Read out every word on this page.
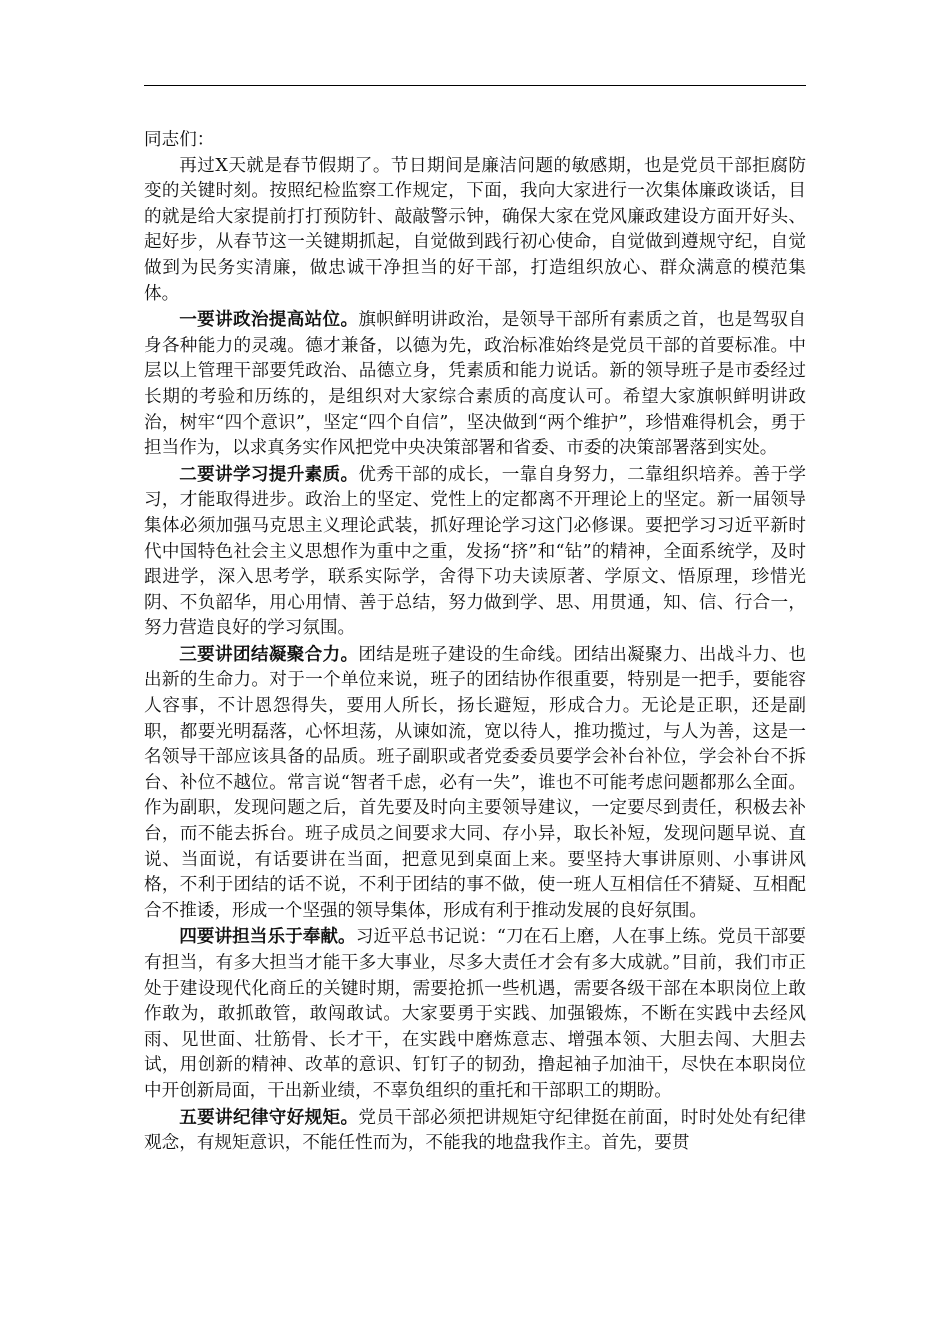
同志们：

再过X天就是春节假期了。节日期间是廉洁问题的敏感期，也是党员干部拒腐防变的关键时刻。按照纪检监察工作规定，下面，我向大家进行一次集体廉政谈话，目的就是给大家提前打打预防针、敲敲警示钟，确保大家在党风廉政建设方面开好头、起好步，从春节这一关键期抓起，自觉做到践行初心使命，自觉做到遵规守纪，自觉做到为民务实清廉，做忠诚干净担当的好干部，打造组织放心、群众满意的模范集体。

一要讲政治提高站位。旗帜鲜明讲政治，是领导干部所有素质之首，也是驾驭自身各种能力的灵魂。德才兼备，以德为先，政治标准始终是党员干部的首要标准。中层以上管理干部要凭政治、品德立身，凭素质和能力说话。新的领导班子是市委经过长期的考验和历练的，是组织对大家综合素质的高度认可。希望大家旗帜鲜明讲政治，树牢“四个意识”，坚定“四个自信”，坚决做到“两个维护”，珍惜难得机会，勇于担当作为，以求真务实作风把党中央决策部署和省委、市委的决策部署落到实处。

二要讲学习提升素质。优秀干部的成长，一靠自身努力，二靠组织培养。善于学习，才能取得进步。政治上的坚定、党性上的定都离不开理论上的坚定。新一届领导集体必须加强马克思主义理论武装，抓好理论学习这门必修课。要把学习习近平新时代中国特色社会主义思想作为重中之重，发扬“挤”和“钻”的精神，全面系统学，及时跟进学，深入思考学，联系实际学，舍得下功夫读原著、学原文、悟原理，珍惜光阴、不负韶华，用心用情、善于总结，努力做到学、思、用贯通，知、信、行合一，努力营造良好的学习氛围。

三要讲团结凝聚合力。团结是班子建设的生命线。团结出凝聚力、出战斗力、也出新的生命力。对于一个单位来说，班子的团结协作很重要，特别是一把手，要能容人容事，不计恩怨得失，要用人所长，扬长避短，形成合力。无论是正职，还是副职，都要光明磊落，心怀坦荡，从谏如流，宽以待人，推功揽过，与人为善，这是一名领导干部应该具备的品质。班子副职或者党委委员要学会补台补位，学会补台不拆台、补位不越位。常言说“智者千虑，必有一失”，谁也不可能考虑问题都那么全面。作为副职，发现问题之后，首先要及时向主要领导建议，一定要尽到责任，积极去补台，而不能去拆台。班子成员之间要求大同、存小异，取长补短，发现问题早说、直说、当面说，有话要讲在当面，把意见到桌面上来。要坚持大事讲原则、小事讲风格，不利于团结的话不说，不利于团结的事不做，使一班人互相信任不猜疑、互相配合不推诿，形成一个坚强的领导集体，形成有利于推动发展的良好氛围。

四要讲担当乐于奉献。习近平总书记说：“刀在石上磨，人在事上练。党员干部要有担当，有多大担当才能干多大事业，尽多大责任才会有多大成就。”目前，我们市正处于建设现代化商丘的关键时期，需要抢抓一些机遇，需要各级干部在本职岗位上敢作敢为，敢抓敢管，敢闯敢试。大家要勇于实践、加强锻炼，不断在实践中去经风雨、见世面、壮筋骨、长才干，在实践中磨炼意志、增强本领、大胆去闯、大胆去试，用创新的精神、改革的意识、钉钉子的韧劲，撸起袖子加油干，尽快在本职岗位中开创新局面，干出新业绩，不辜负组织的重托和干部职工的期盼。

五要讲纪律守好规矩。党员干部必须把讲规矩守纪律挺在前面，时时处处有纪律观念，有规矩意识，不能任性而为，不能我的地盘我作主。首先，要贯
